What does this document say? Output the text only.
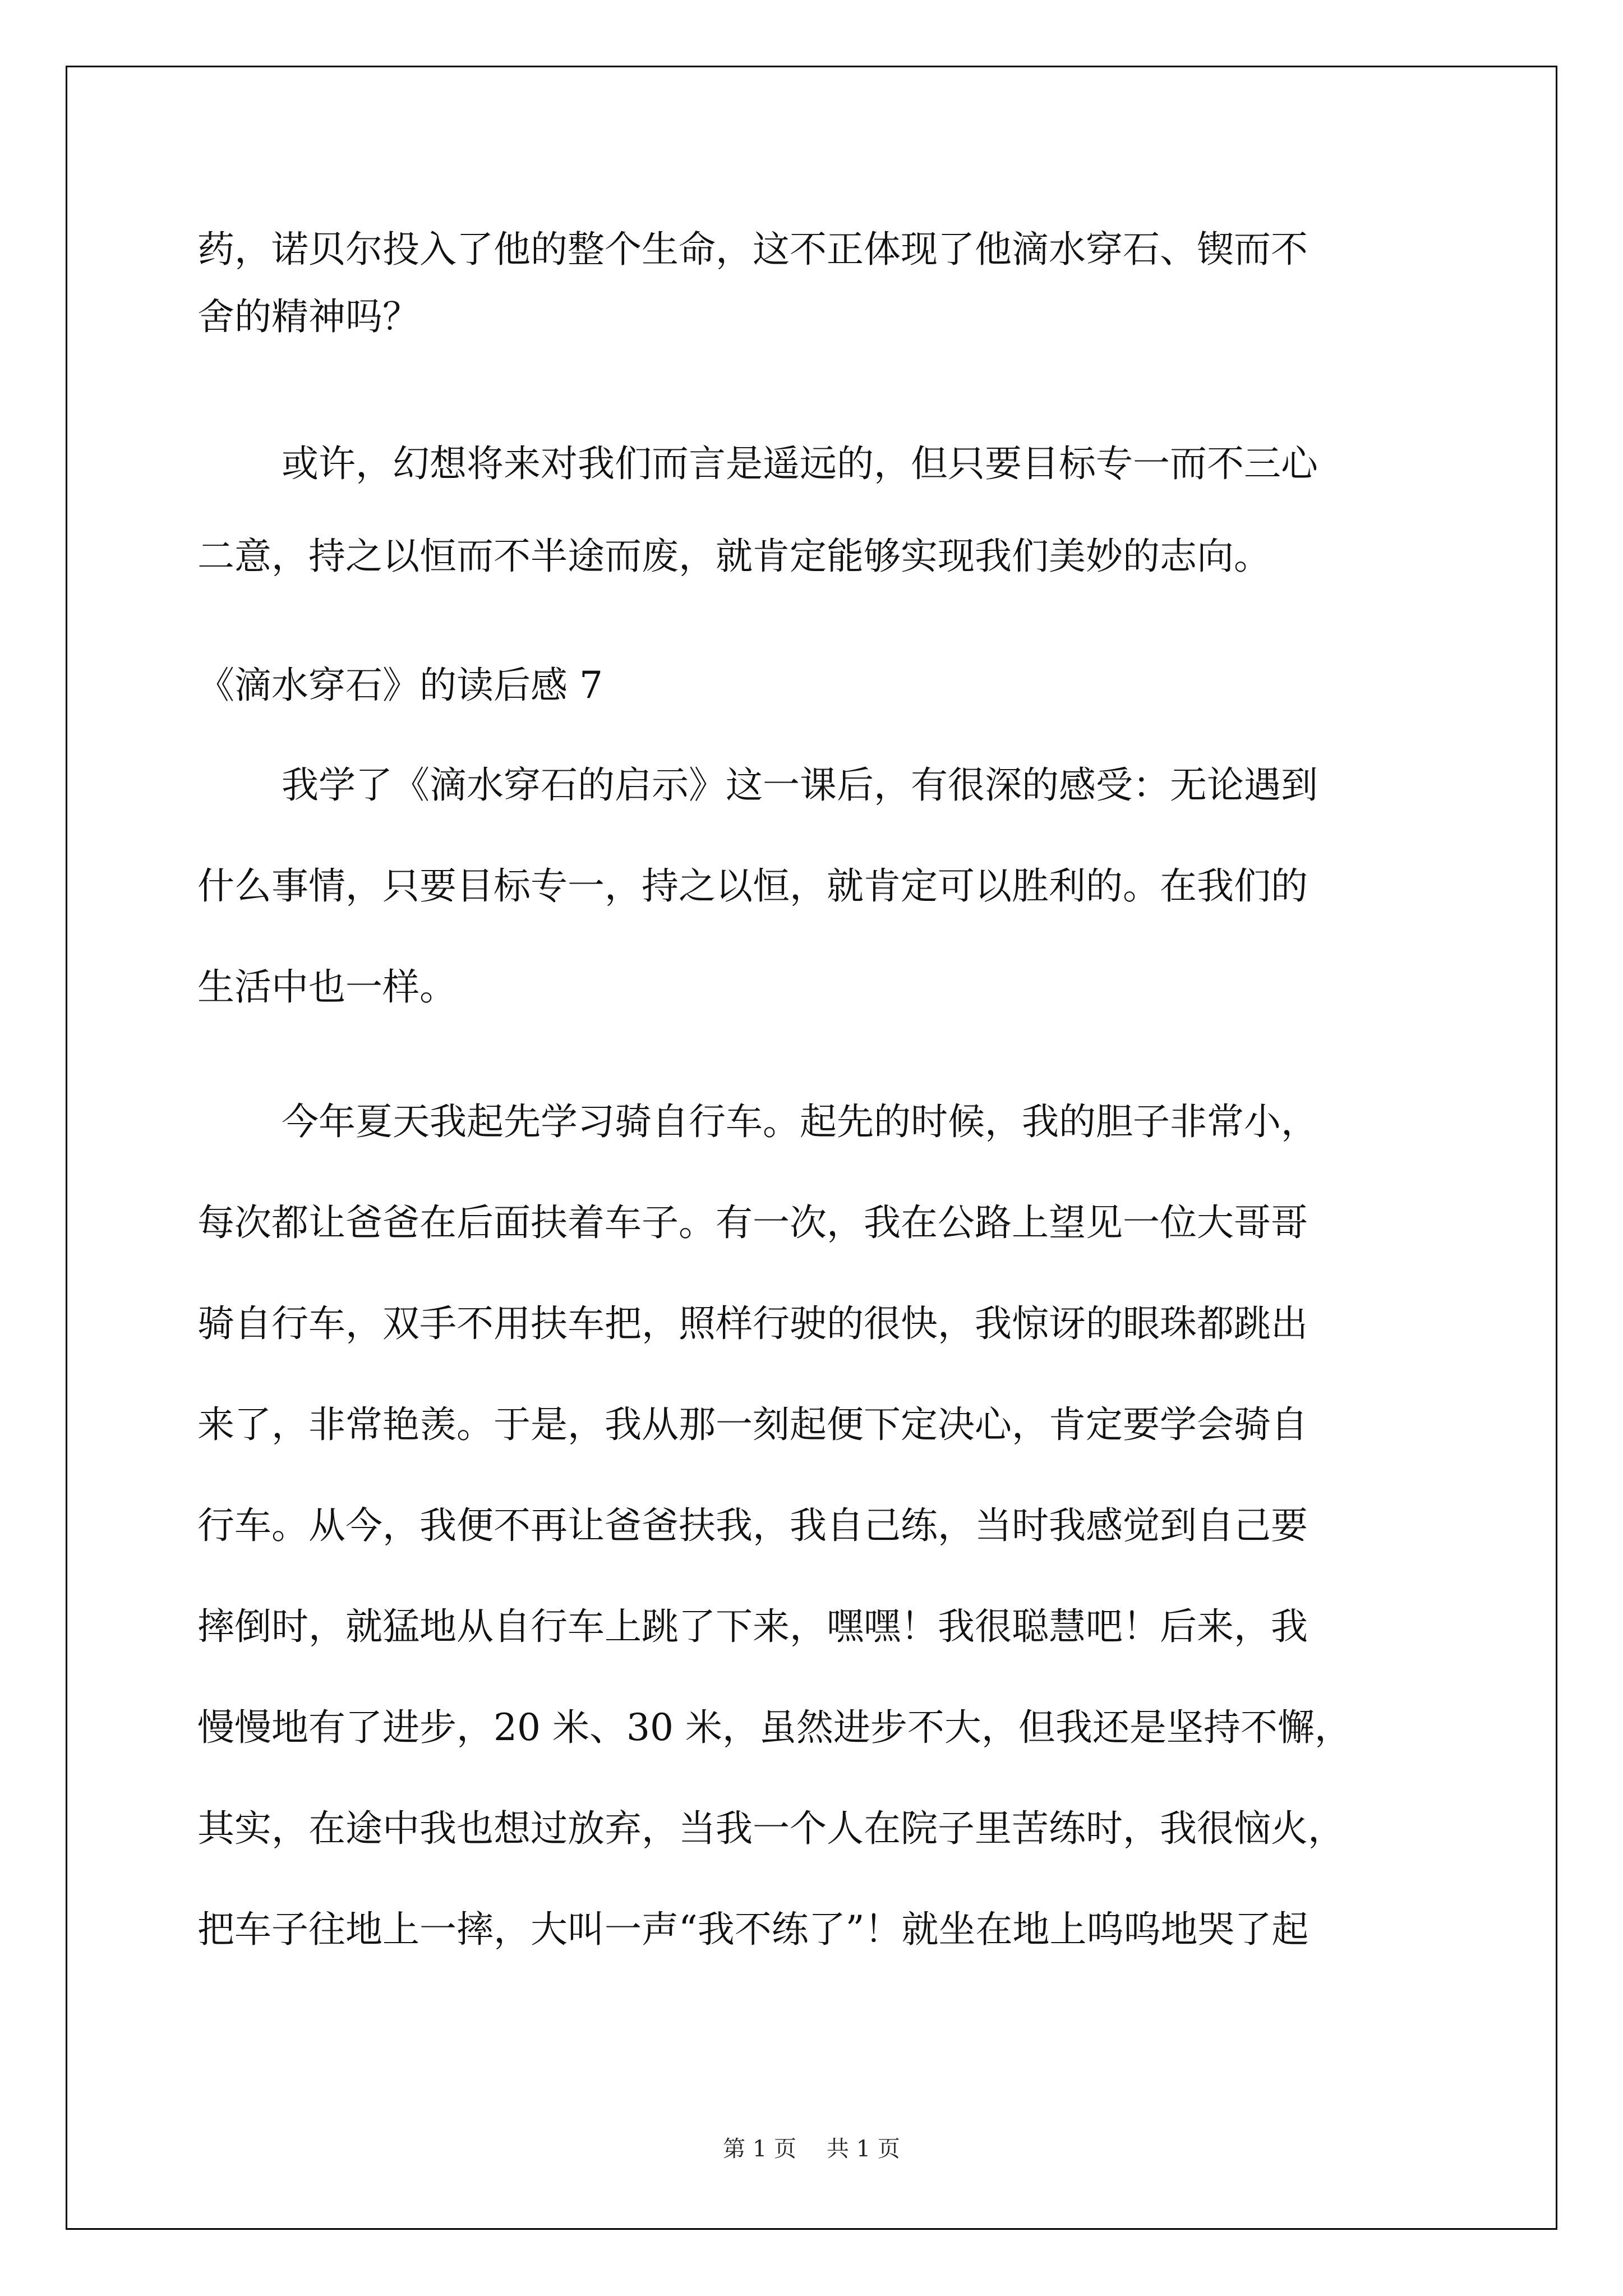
药，诺贝尔投入了他的整个生命，这不正体现了他滴水穿石、锲而不
舍的精神吗？
或许，幻想将来对我们而言是遥远的，但只要目标专一而不三心
二意，持之以恒而不半途而废，就肯定能够实现我们美妙的志向。
《滴水穿石》的读后感 7
我学了《滴水穿石的启示》这一课后，有很深的感受：无论遇到
什么事情，只要目标专一，持之以恒，就肯定可以胜利的。在我们的
生活中也一样。
今年夏天我起先学习骑自行车。起先的时候，我的胆子非常小，
每次都让爸爸在后面扶着车子。有一次，我在公路上望见一位大哥哥
骑自行车，双手不用扶车把，照样行驶的很快，我惊讶的眼珠都跳出
来了，非常艳羡。于是，我从那一刻起便下定决心，肯定要学会骑自
行车。从今，我便不再让爸爸扶我，我自己练，当时我感觉到自己要
摔倒时，就猛地从自行车上跳了下来，嘿嘿！我很聪慧吧！后来，我
慢慢地有了进步，20 米、30 米，虽然进步不大，但我还是坚持不懈，
其实，在途中我也想过放弃，当我一个人在院子里苦练时，我很恼火，
把车子往地上一摔，大叫一声“我不练了”！就坐在地上呜呜地哭了起
第 1 页 共 1 页
